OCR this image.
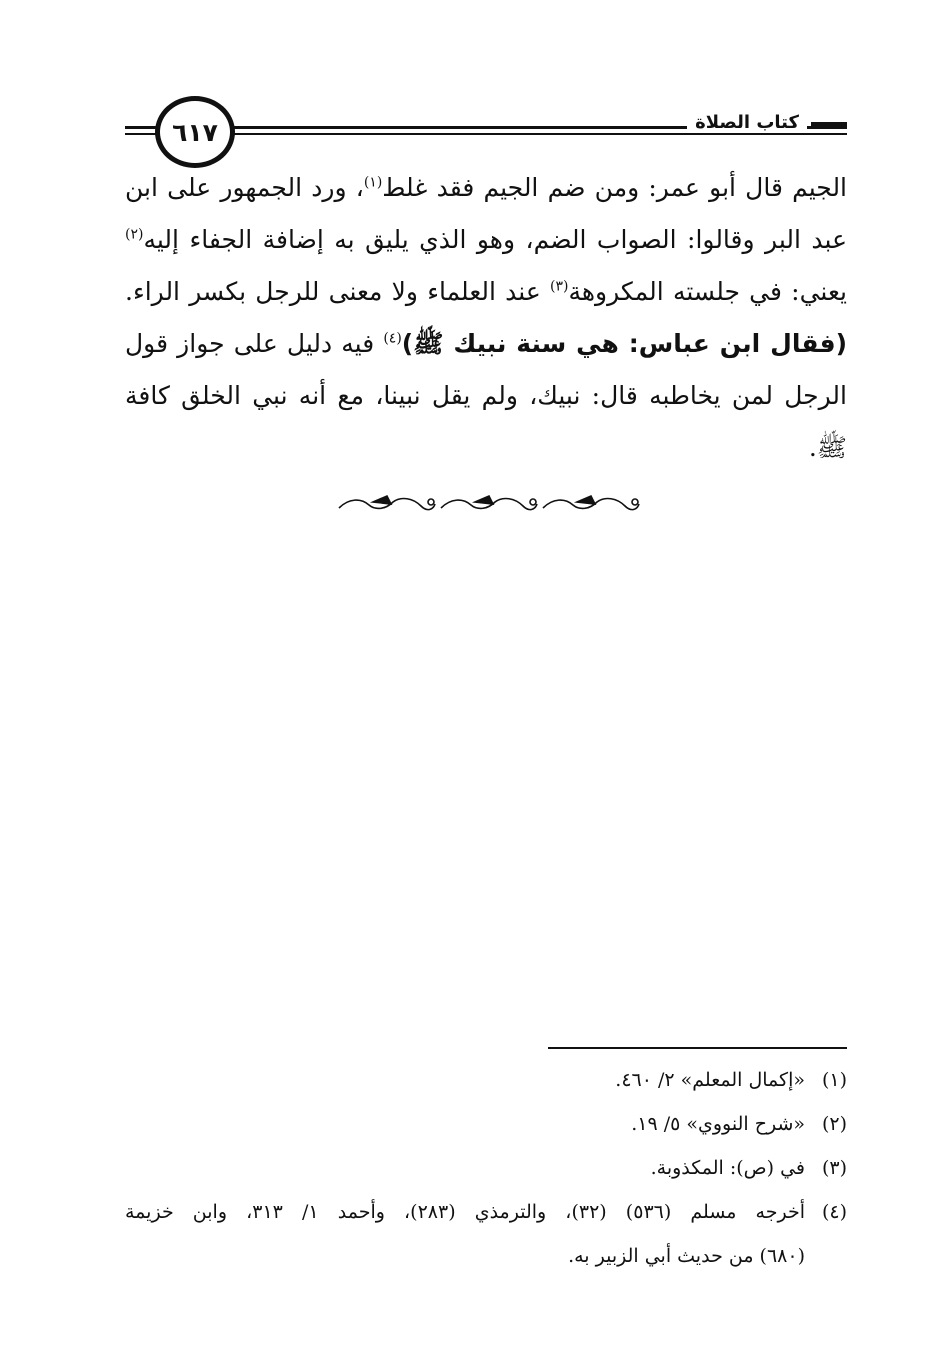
كتاب الصلاة
٦١٧
الجيم قال أبو عمر: ومن ضم الجيم فقد غلط$^{(١)}$، ورد الجمهور على ابن
عبد البر وقالوا: الصواب الضم، وهو الذي يليق به إضافة الجفاء إليه$^{(٢)}$
يعني: في جلسته المكروهة$^{(٣)}$ عند العلماء ولا معنى للرجل بكسر الراء.
(فقال ابن عباس: هي سنة نبيك ﷺ)$^{(٤)}$ فيه دليل على جواز قول
الرجل لمن يخاطبه قال: نبيك، ولم يقل نبينا، مع أنه نبي الخلق كافة
ﷺ.
(١)
«إكمال المعلم» ٢/ ٤٦٠.
(٢)
«شرح النووي» ٥/ ١٩.
(٣)
في (ص): المكذوبة.
(٤)
أخرجه مسلم (٥٣٦) (٣٢)، والترمذي (٢٨٣)، وأحمد ١/ ٣١٣، وابن خزيمة
(٦٨٠) من حديث أبي الزبير به.
